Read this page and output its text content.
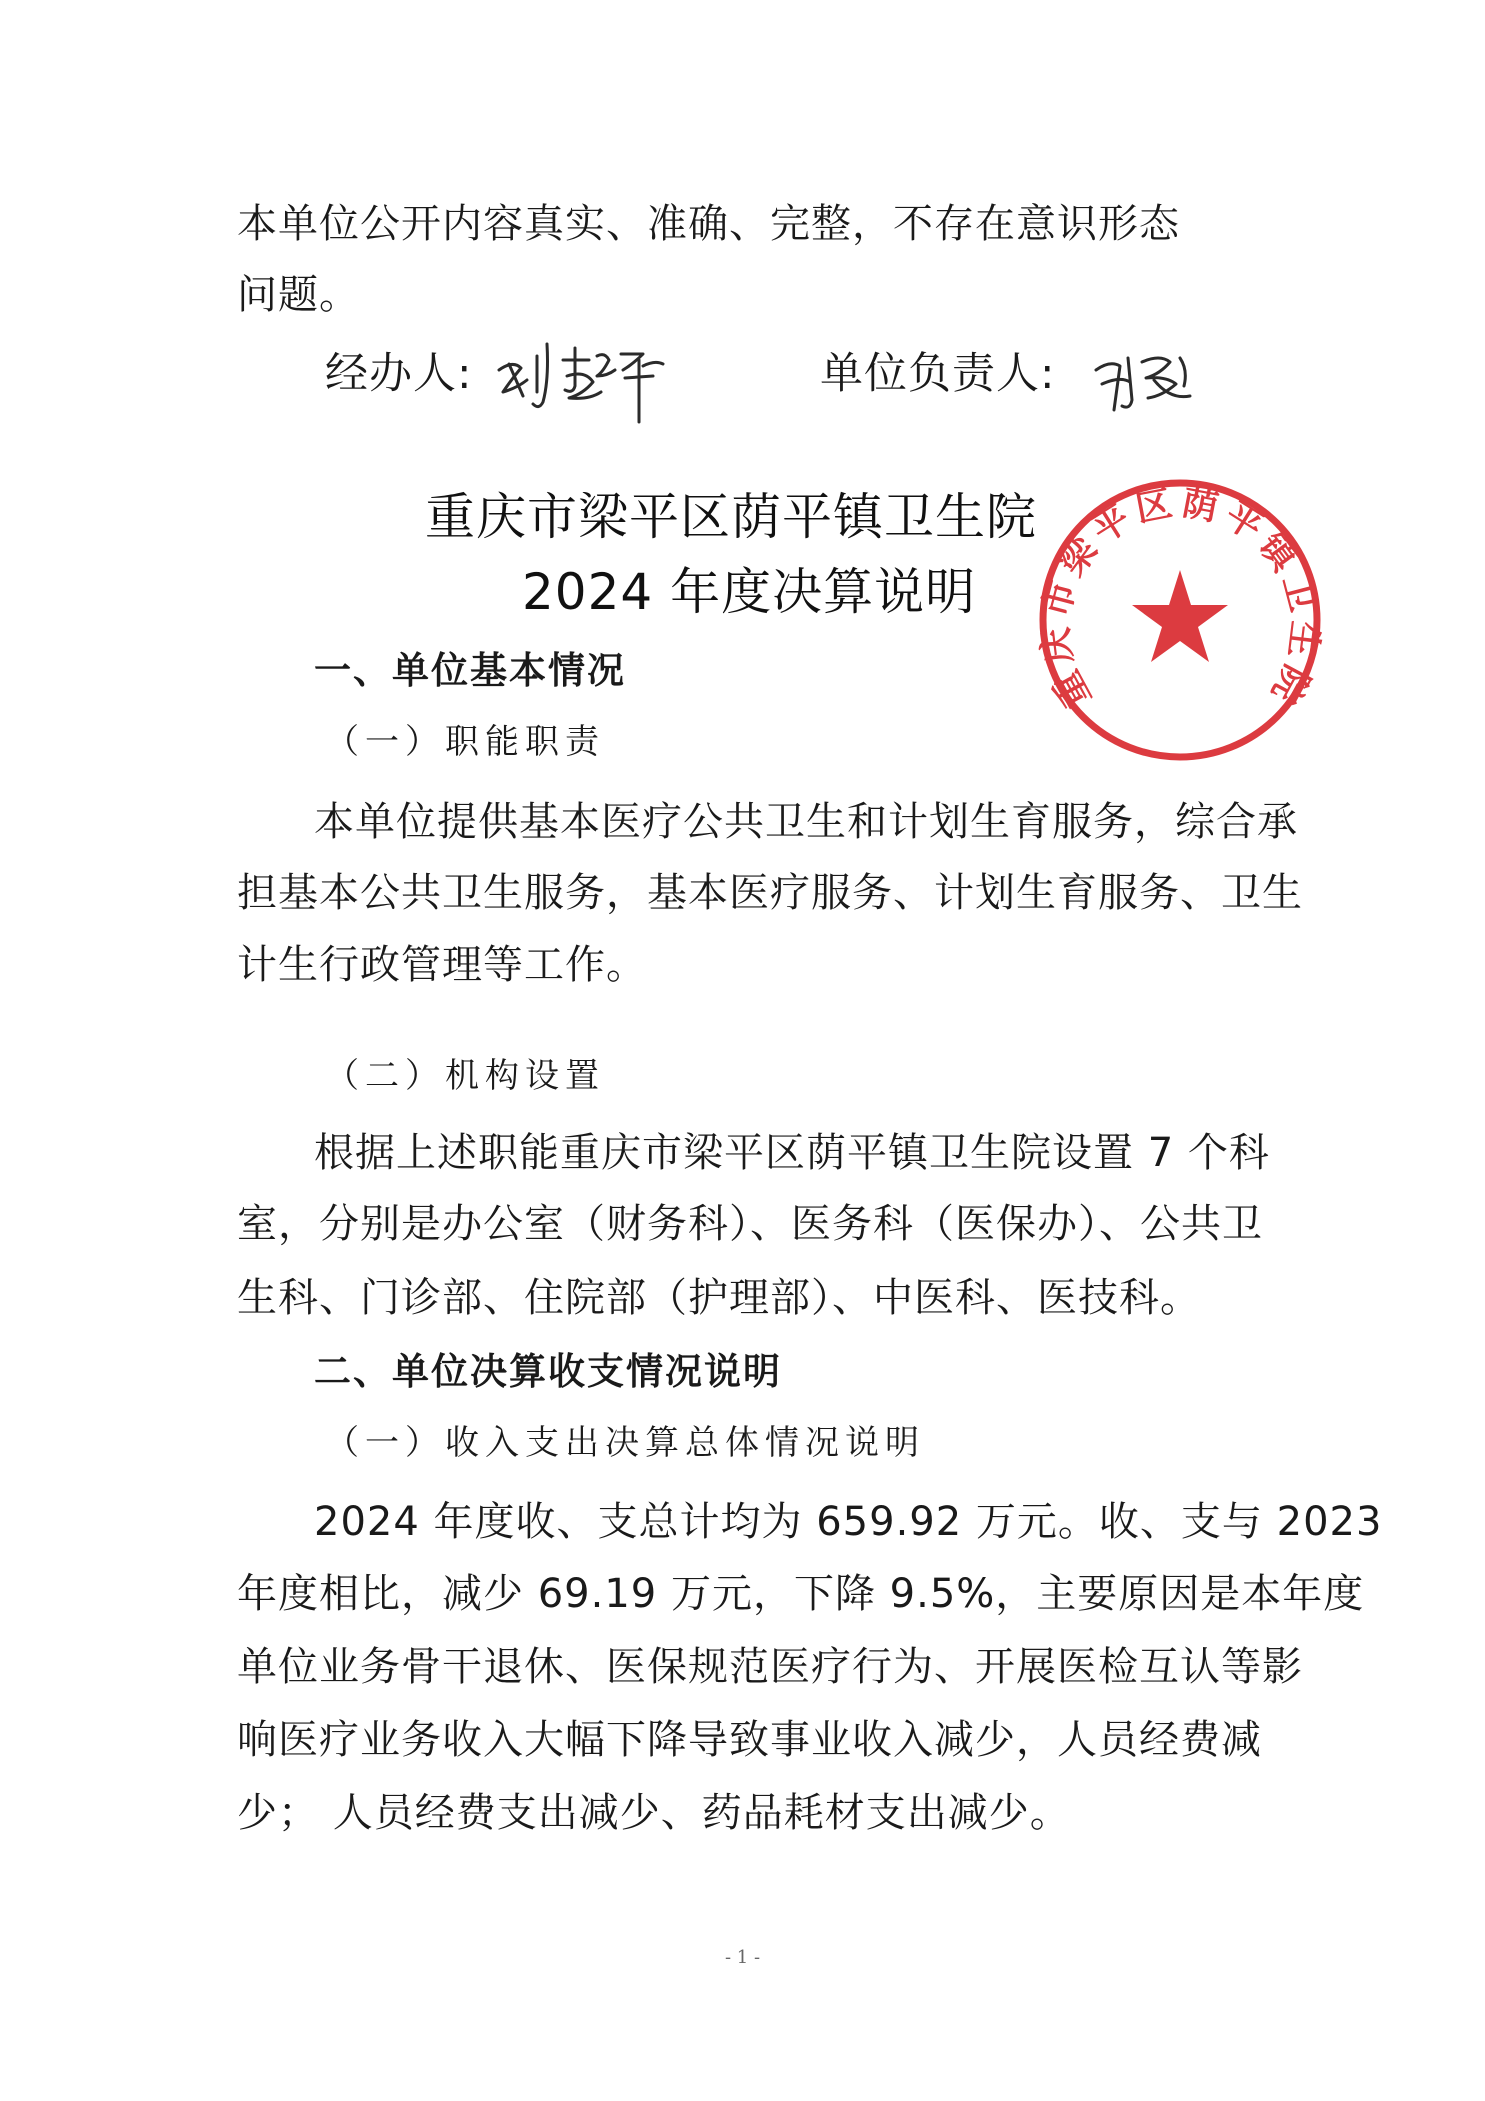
本单位公开内容真实、准确、完整，不存在意识形态
问题。
经办人:	单位负责人:
重庆市梁平区荫平镇卫生院
2024 年度决算说明
重庆市梁平区荫平镇卫生院
一、单位基本情况
（一）职能职责
本单位提供基本医疗公共卫生和计划生育服务，综合承
担基本公共卫生服务，基本医疗服务、计划生育服务、卫生
计生行政管理等工作。
（二）机构设置
根据上述职能重庆市梁平区荫平镇卫生院设置 7 个科
室，分别是办公室（财务科）、医务科（医保办）、公共卫
生科、门诊部、住院部（护理部）、中医科、医技科。
二、单位决算收支情况说明
（一）收入支出决算总体情况说明
2024 年度收、支总计均为 659.92 万元。收、支与 2023
年度相比，减少 69.19 万元，下降 9.5%，主要原因是本年度
单位业务骨干退休、医保规范医疗行为、开展医检互认等影
响医疗业务收入大幅下降导致事业收入减少，人员经费减
少； 人员经费支出减少、药品耗材支出减少。
- 1 -
